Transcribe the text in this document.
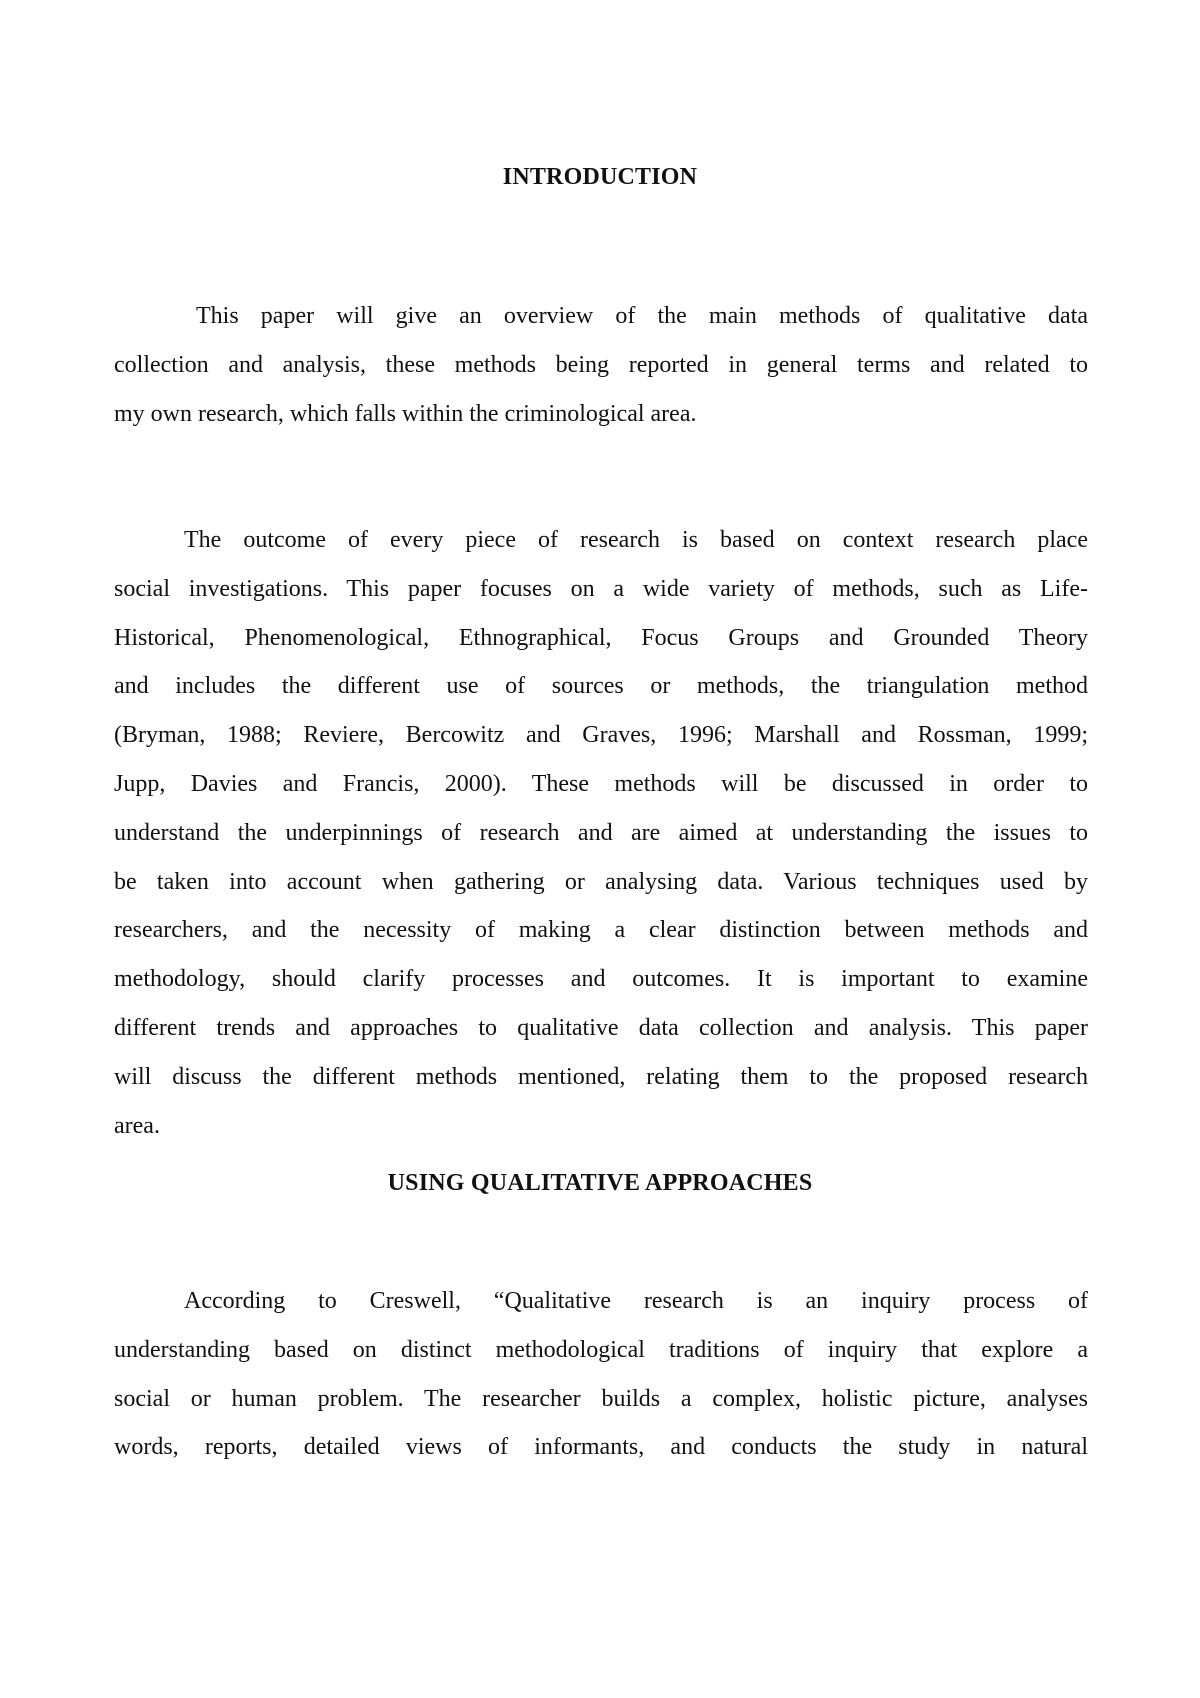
INTRODUCTION

This paper will give an overview of the main methods of qualitative data
collection and analysis, these methods being reported in general terms and related to
my own research, which falls within the criminological area.

The outcome of every piece of research is based on context research place
social investigations. This paper focuses on a wide variety of methods, such as Life-
Historical, Phenomenological, Ethnographical, Focus Groups and Grounded Theory
and includes the different use of sources or methods, the triangulation method
(Bryman, 1988; Reviere, Bercowitz and Graves, 1996; Marshall and Rossman, 1999;
Jupp, Davies and Francis, 2000). These methods will be discussed in order to
understand the underpinnings of research and are aimed at understanding the issues to
be taken into account when gathering or analysing data. Various techniques used by
researchers, and the necessity of making a clear distinction between methods and
methodology, should clarify processes and outcomes. It is important to examine
different trends and approaches to qualitative data collection and analysis. This paper
will discuss the different methods mentioned, relating them to the proposed research
area.

USING QUALITATIVE APPROACHES

According to Creswell, “Qualitative research is an inquiry process of
understanding based on distinct methodological traditions of inquiry that explore a
social or human problem. The researcher builds a complex, holistic picture, analyses
words, reports, detailed views of informants, and conducts the study in natural
